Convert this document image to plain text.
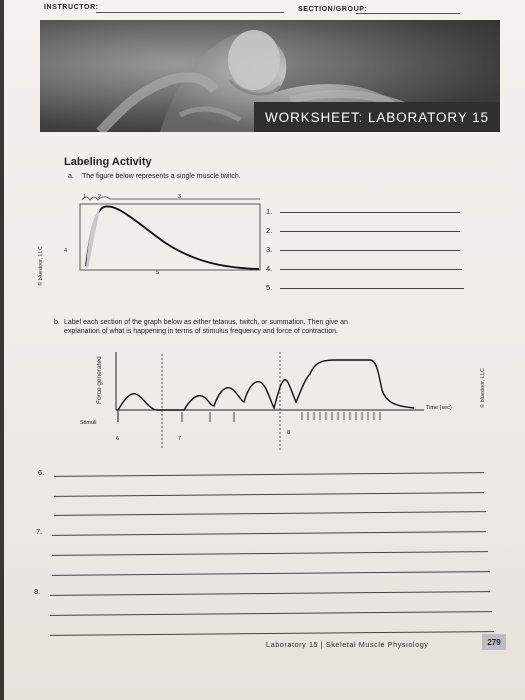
INSTRUCTOR:	SECTION/GROUP:
WORKSHEET: LABORATORY 15
Labeling Activity
a. The figure below represents a single muscle twitch.
1 2	3
4
5
© bluedoor, LLC
1.
2.
3.
4.
5.
b. Label each section of the graph below as either tetanus, twitch, or summation. Then give an
explanation of what is happening in terms of stimulus frequency and force of contraction.
Force generated
Time (sec)
Stimuli
6	7
8
© bluedoor, LLC
6.
7.
8.
Laboratory 15 | Skeletal Muscle Physiology	279
